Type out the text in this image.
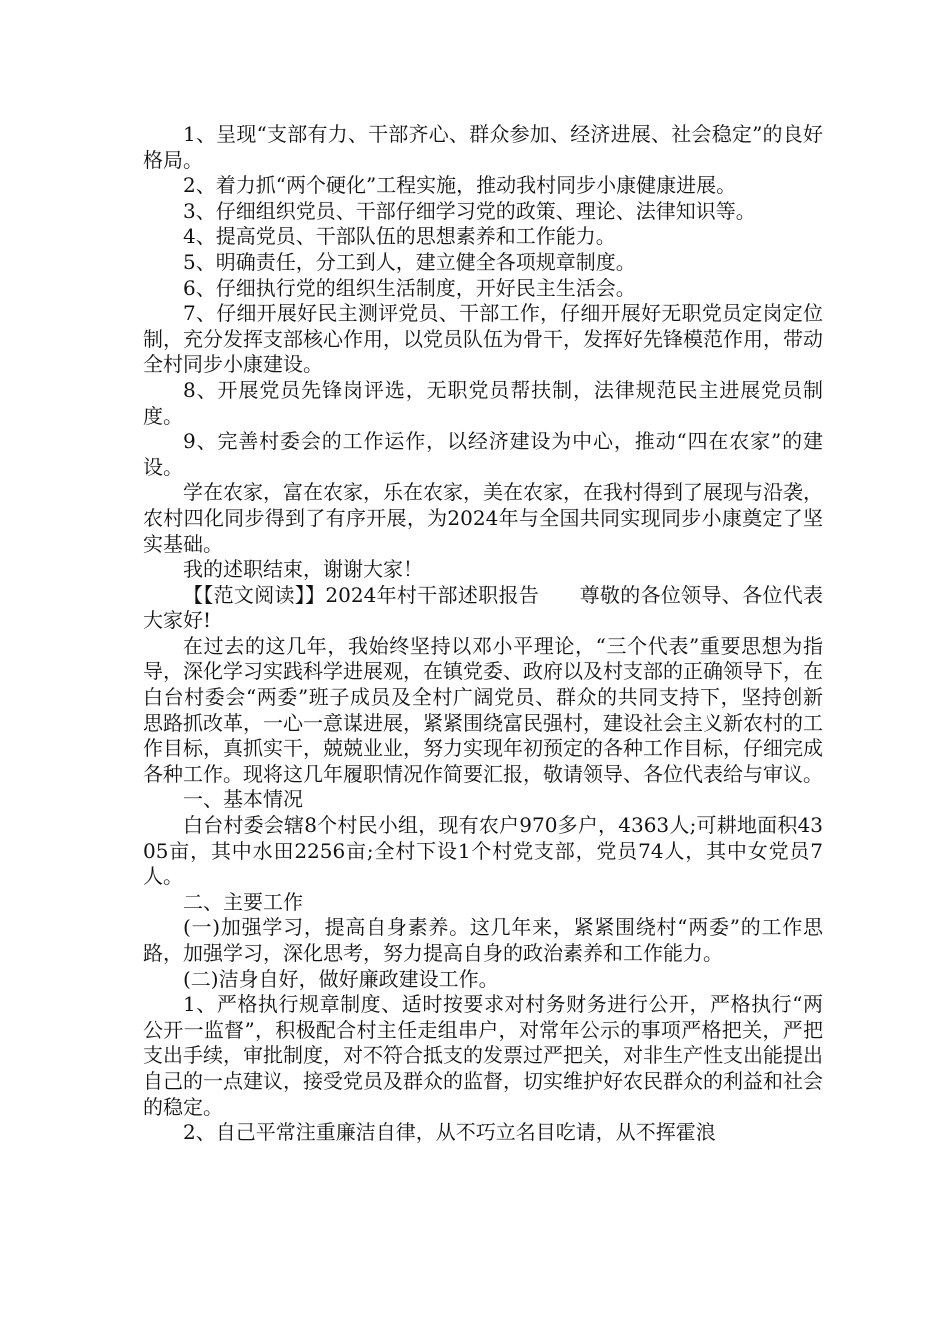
1、呈现“支部有力、干部齐心、群众参加、经济进展、社会稳定”的良好格局。

2、着力抓“两个硬化”工程实施，推动我村同步小康健康进展。

3、仔细组织党员、干部仔细学习党的政策、理论、法律知识等。

4、提高党员、干部队伍的思想素养和工作能力。

5、明确责任，分工到人，建立健全各项规章制度。

6、仔细执行党的组织生活制度，开好民主生活会。

7、仔细开展好民主测评党员、干部工作，仔细开展好无职党员定岗定位制，充分发挥支部核心作用，以党员队伍为骨干，发挥好先锋模范作用，带动全村同步小康建设。

8、开展党员先锋岗评选，无职党员帮扶制，法律规范民主进展党员制度。

9、完善村委会的工作运作，以经济建设为中心，推动“四在农家”的建设。

学在农家，富在农家，乐在农家，美在农家，在我村得到了展现与沿袭，农村四化同步得到了有序开展，为2024年与全国共同实现同步小康奠定了坚实基础。

我的述职结束，谢谢大家！

【【范文阅读】】2024年村干部述职报告　　尊敬的各位领导、各位代表大家好!

在过去的这几年，我始终坚持以邓小平理论，“三个代表”重要思想为指导，深化学习实践科学进展观，在镇党委、政府以及村支部的正确领导下，在白台村委会“两委”班子成员及全村广阔党员、群众的共同支持下，坚持创新思路抓改革，一心一意谋进展，紧紧围绕富民强村，建设社会主义新农村的工作目标，真抓实干，兢兢业业，努力实现年初预定的各种工作目标，仔细完成各种工作。现将这几年履职情况作简要汇报，敬请领导、各位代表给与审议。

一、基本情况

白台村委会辖8个村民小组，现有农户970多户，4363人;可耕地面积4305亩，其中水田2256亩;全村下设1个村党支部，党员74人，其中女党员7人。

二、主要工作

(一)加强学习，提高自身素养。这几年来，紧紧围绕村“两委”的工作思路，加强学习，深化思考，努力提高自身的政治素养和工作能力。

(二)洁身自好，做好廉政建设工作。

1、严格执行规章制度、适时按要求对村务财务进行公开，严格执行“两公开一监督”，积极配合村主任走组串户，对常年公示的事项严格把关，严把支出手续，审批制度，对不符合抵支的发票过严把关，对非生产性支出能提出自己的一点建议，接受党员及群众的监督，切实维护好农民群众的利益和社会的稳定。

2、自己平常注重廉洁自律，从不巧立名目吃请，从不挥霍浪
